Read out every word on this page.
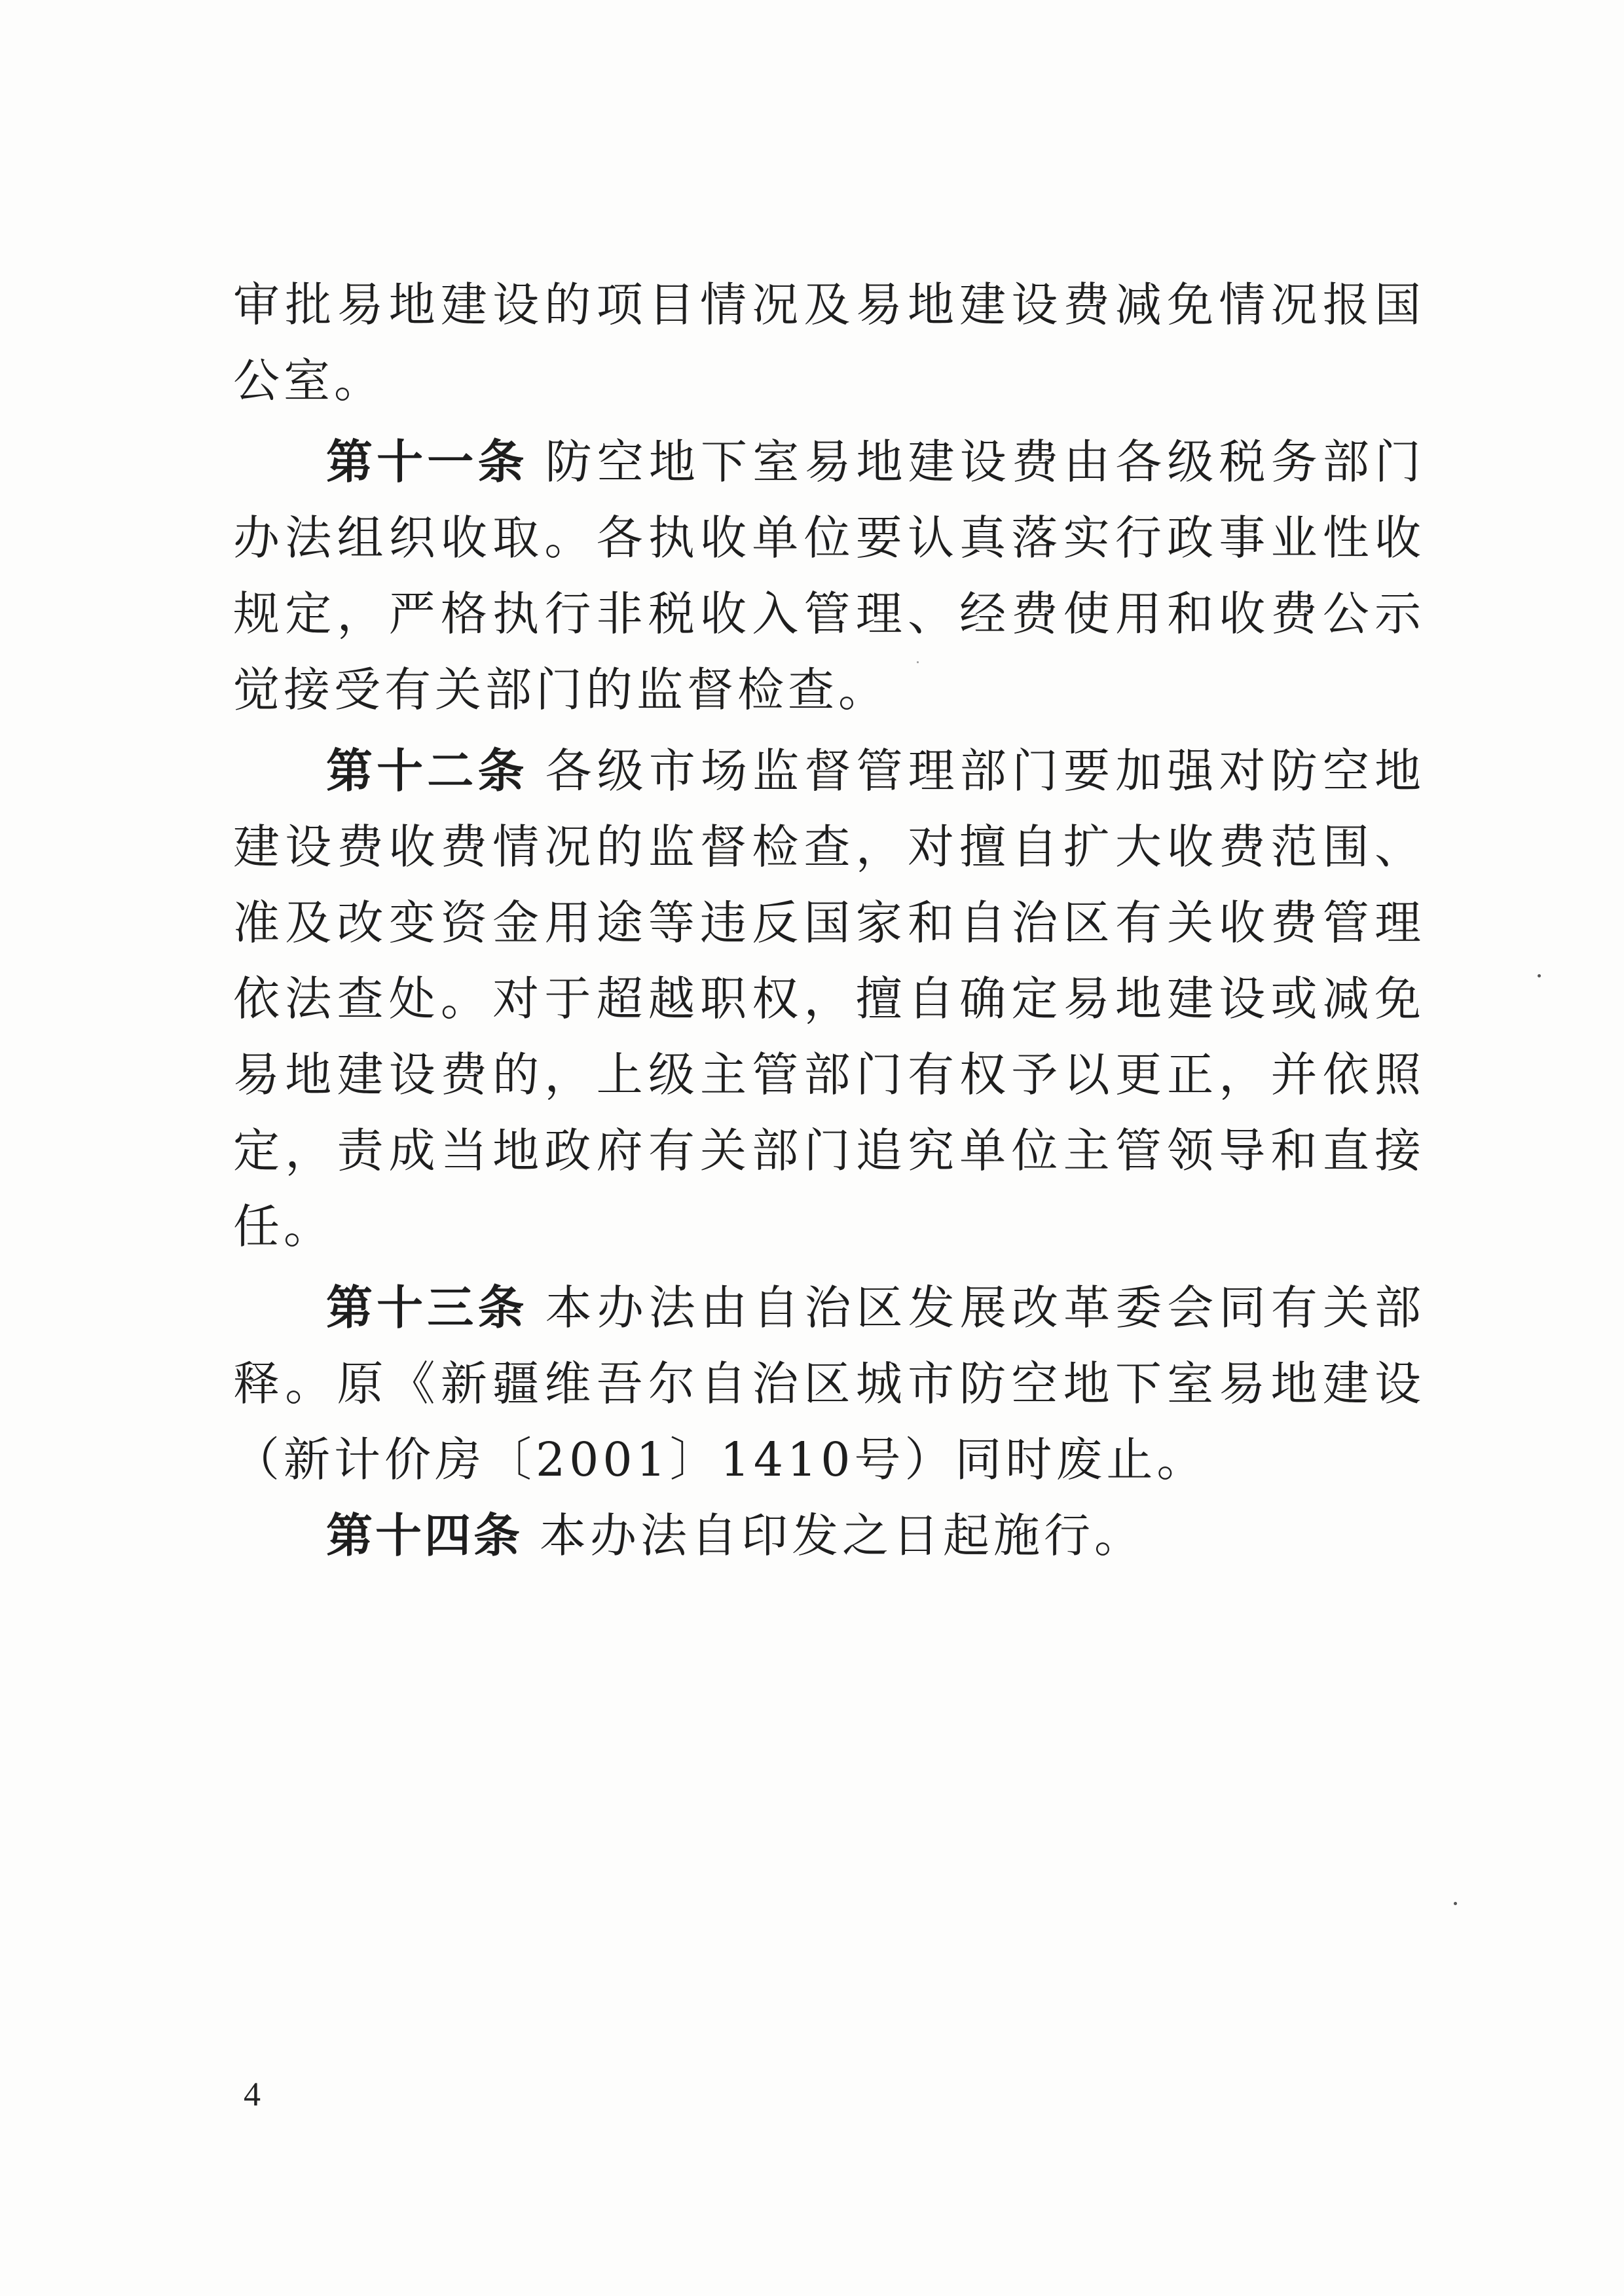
审批易地建设的项目情况及易地建设费减免情况报国
公室。
第十一条 防空地下室易地建设费由各级税务部门
办法组织收取。各执收单位要认真落实行政事业性收
规定，严格执行非税收入管理、经费使用和收费公示
觉接受有关部门的监督检查。
第十二条 各级市场监督管理部门要加强对防空地
建设费收费情况的监督检查，对擅自扩大收费范围、
准及改变资金用途等违反国家和自治区有关收费管理
依法查处。对于超越职权，擅自确定易地建设或减免
易地建设费的，上级主管部门有权予以更正，并依照
定，责成当地政府有关部门追究单位主管领导和直接
任。
第十三条 本办法由自治区发展改革委会同有关部
释。原《新疆维吾尔自治区城市防空地下室易地建设
（新计价房〔2001〕1410号）同时废止。
第十四条 本办法自印发之日起施行。
4
